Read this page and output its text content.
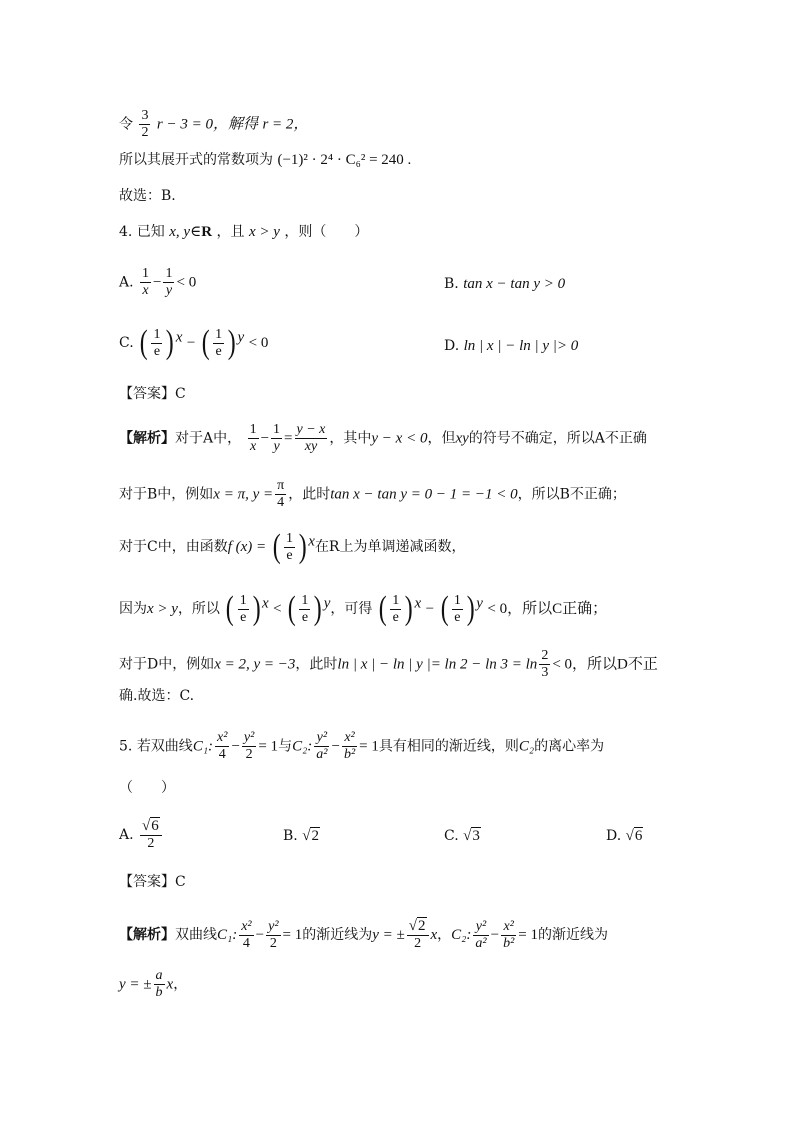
令 $\frac{3}{2}$ r − 3 = 0，解得 r = 2，
所以其展开式的常数项为 (−1)² · 2⁴ · C₆² = 240 .
故选：B.
4. 已知 x, y∈R ，且 x > y ，则（　　）
A. $\frac{1}{x} - \frac{1}{y} < 0$	B. tan x − tan y > 0
C. ( $\frac{1}{e}$ ) $^x$ − ( $\frac{1}{e}$ ) $^y$ < 0	D. ln | x | − ln | y |> 0
【答案】C
【解析】对于A中， $\frac{1}{x} - \frac{1}{y} = \frac{y - x}{xy}$ ，其中y − x < 0，但xy的符号不确定，所以A不正确
对于B中，例如x = π, $y = \frac{\pi}{4}$ ，此时tan x − tan y = 0 − 1 = −1 < 0，所以B不正确；
对于C中，由函数f (x) = ( $\frac{1}{e}$ ) $^x$在R上为单调递减函数，
因为x > y，所以 ( $\frac{1}{e}$ ) $^x$ < ( $\frac{1}{e}$ ) $^y$，可得 ( $\frac{1}{e}$ ) $^x$ − ( $\frac{1}{e}$ ) $^y$ < 0，所以C正确；
对于D中，例如x = 2, y = −3，此时ln | x | − ln | y |= $\ln 2 - \ln 3 = \ln \frac{2}{3} < 0$，所以D不正
确.故选：C.
5. 若双曲线C₁: $\frac{\text{x²}}{4} - \frac{\text{y²}}{2} = 1$与C₂: $\frac{\text{y²}}{\text{a²}} - \frac{\text{x²}}{\text{b²}} = 1$具有相同的渐近线，则C₂的离心率为
（　　）
A. $\frac{√6}{2}$	B. √2	C. √3	D. √6
【答案】C
【解析】双曲线C₁: $\frac{\text{x²}}{4} - \frac{\text{y²}}{2} = 1$的渐近线为y = ± $\frac{√2}{2}$ x，C₂: $\frac{\text{y²}}{\text{a²}} - \frac{\text{x²}}{\text{b²}} = 1$的渐近线为
y = ± $\frac{a}{b}$ x，
